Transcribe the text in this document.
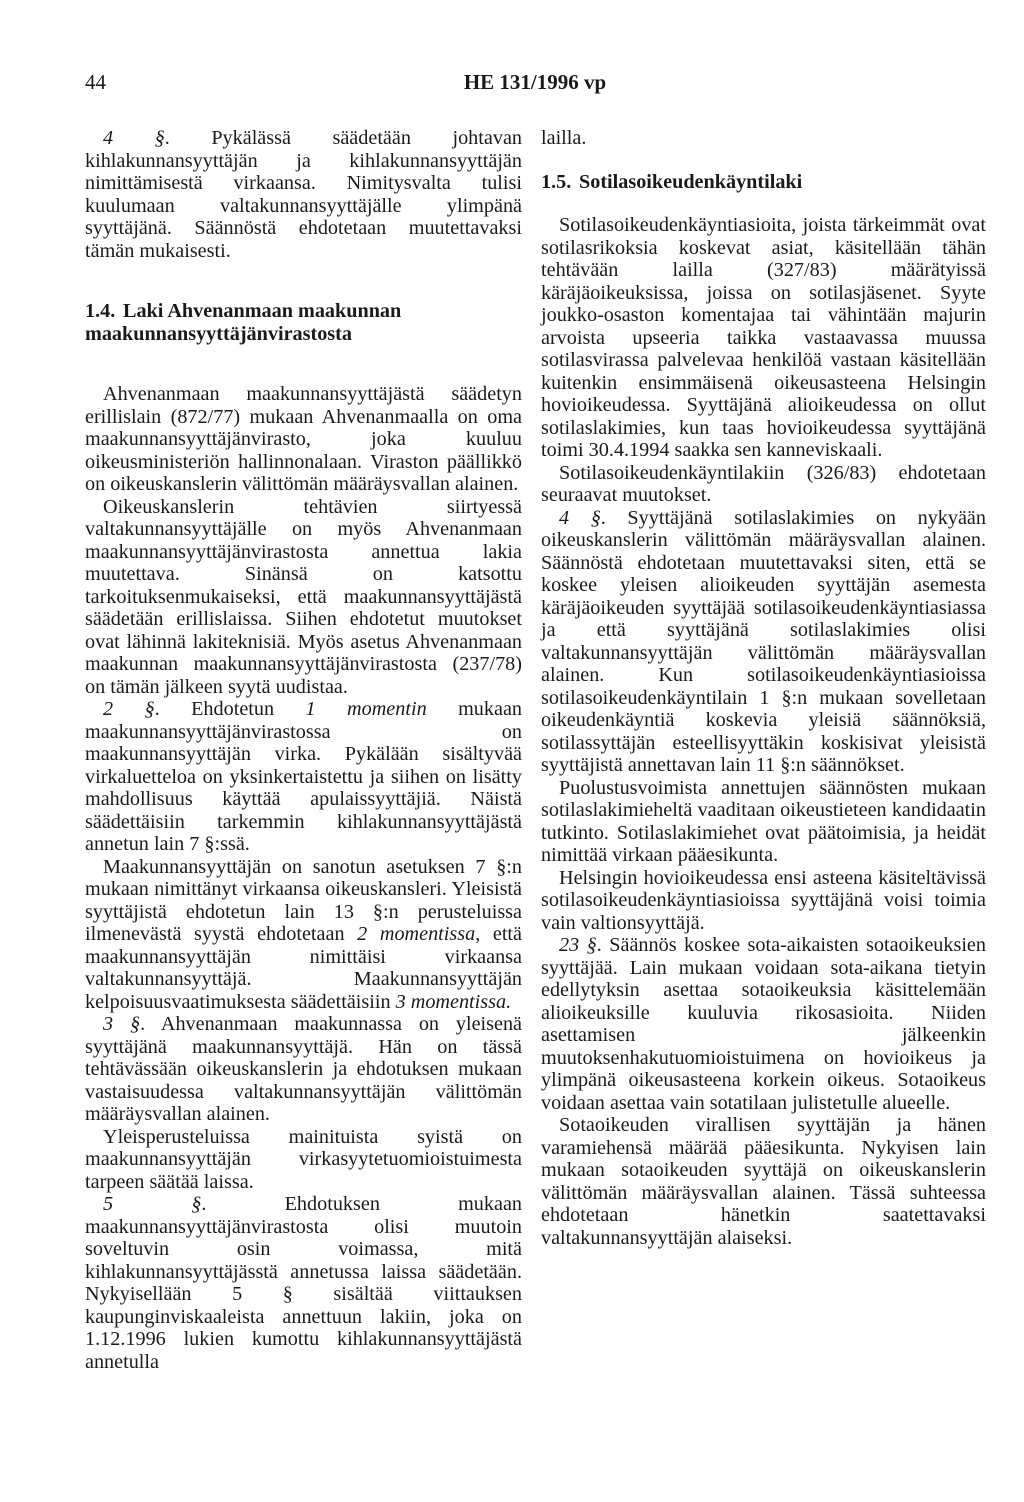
44	HE 131/1996 vp

4 §. Pykälässä säädetään johtavan kihlakunnansyyttäjän ja kihlakunnansyyttäjän nimittämisestä virkaansa. Nimitysvalta tulisi kuulumaan valtakunnansyyttäjälle ylimpänä syyttäjänä. Säännöstä ehdotetaan muutettavaksi tämän mukaisesti.

1.4. Laki Ahvenanmaan maakunnan maakunnansyyttäjänvirastosta

Ahvenanmaan maakunnansyyttäjästä säädetyn erillislain (872/77) mukaan Ahvenanmaalla on oma maakunnansyyttäjänvirasto, joka kuuluu oikeusministeriön hallinnonalaan. Viraston päällikkö on oikeuskanslerin välittömän määräysvallan alainen.

Oikeuskanslerin tehtävien siirtyessä valtakunnansyyttäjälle on myös Ahvenanmaan maakunnansyyttäjänvirastosta annettua lakia muutettava. Sinänsä on katsottu tarkoituksenmukaiseksi, että maakunnansyyttäjästä säädetään erillislaissa. Siihen ehdotetut muutokset ovat lähinnä lakiteknisiä. Myös asetus Ahvenanmaan maakunnan maakunnansyyttäjänvirastosta (237/78) on tämän jälkeen syytä uudistaa.

2 §. Ehdotetun 1 momentin mukaan maakunnansyyttäjänvirastossa on maakunnansyyttäjän virka. Pykälään sisältyvää virkaluetteloa on yksinkertaistettu ja siihen on lisätty mahdollisuus käyttää apulaissyyttäjiä. Näistä säädettäisiin tarkemmin kihlakunnansyyttäjästä annetun lain 7 §:ssä.

Maakunnansyyttäjän on sanotun asetuksen 7 §:n mukaan nimittänyt virkaansa oikeuskansleri. Yleisistä syyttäjistä ehdotetun lain 13 §:n perusteluissa ilmenevästä syystä ehdotetaan 2 momentissa, että maakunnansyyttäjän nimittäisi virkaansa valtakunnansyyttäjä. Maakunnansyyttäjän kelpoisuusvaatimuksesta säädettäisiin 3 momentissa.

3 §. Ahvenanmaan maakunnassa on yleisenä syyttäjänä maakunnansyyttäjä. Hän on tässä tehtävässään oikeuskanslerin ja ehdotuksen mukaan vastaisuudessa valtakunnansyyttäjän välittömän määräysvallan alainen.

Yleisperusteluissa mainituista syistä on maakunnansyyttäjän virkasyytetuomioistuimesta tarpeen säätää laissa.

5 §. Ehdotuksen mukaan maakunnansyyttäjänvirastosta olisi muutoin soveltuvin osin voimassa, mitä kihlakunnansyyttäjässtä annetussa laissa säädetään. Nykyisellään 5 § sisältää viittauksen kaupunginviskaaleista annettuun lakiin, joka on 1.12.1996 lukien kumottu kihlakunnansyyttäjästä annetulla

lailla.

1.5. Sotilasoikeudenkäyntilaki

Sotilasoikeudenkäyntiasioita, joista tärkeimmät ovat sotilasrikoksia koskevat asiat, käsitellään tähän tehtävään lailla (327/83) määrätyissä käräjäoikeuksissa, joissa on sotilasjäsenet. Syyte joukko-osaston komentajaa tai vähintään majurin arvoista upseeria taikka vastaavassa muussa sotilasvirassa palvelevaa henkilöä vastaan käsitellään kuitenkin ensimmäisenä oikeusasteena Helsingin hovioikeudessa. Syyttäjänä alioikeudessa on ollut sotilaslakimies, kun taas hovioikeudessa syyttäjänä toimi 30.4.1994 saakka sen kanneviskaali.

Sotilasoikeudenkäyntilakiin (326/83) ehdotetaan seuraavat muutokset.

4 §. Syyttäjänä sotilaslakimies on nykyään oikeuskanslerin välittömän määräysvallan alainen. Säännöstä ehdotetaan muutettavaksi siten, että se koskee yleisen alioikeuden syyttäjän asemesta käräjäoikeuden syyttäjää sotilasoikeudenkäyntiasiassa ja että syyttäjänä sotilaslakimies olisi valtakunnansyyttäjän välittömän määräysvallan alainen. Kun sotilasoikeudenkäyntiasioissa sotilasoikeudenkäyntilain 1 §:n mukaan sovelletaan oikeudenkäyntiä koskevia yleisiä säännöksiä, sotilassyttäjän esteellisyyttäkin koskisivat yleisistä syyttäjistä annettavan lain 11 §:n säännökset.

Puolustusvoimista annettujen säännösten mukaan sotilaslakimieheltä vaaditaan oikeustieteen kandidaatin tutkinto. Sotilaslakimiehet ovat päätoimisia, ja heidät nimittää virkaan pääesikunta.

Helsingin hovioikeudessa ensi asteena käsiteltävissä sotilasoikeudenkäyntiasioissa syyttäjänä voisi toimia vain valtionsyyttäjä.

23 §. Säännös koskee sota-aikaisten sotaoikeuksien syyttäjää. Lain mukaan voidaan sota-aikana tietyin edellytyksin asettaa sotaoikeuksia käsittelemään alioikeuksille kuuluvia rikosasioita. Niiden asettamisen jälkeenkin muutoksenhakutuomioistuimena on hovioikeus ja ylimpänä oikeusasteena korkein oikeus. Sotaoikeus voidaan asettaa vain sotatilaan julistetulle alueelle.

Sotaoikeuden virallisen syyttäjän ja hänen varamiehensä määrää pääesikunta. Nykyisen lain mukaan sotaoikeuden syyttäjä on oikeuskanslerin välittömän määräysvallan alainen. Tässä suhteessa ehdotetaan hänetkin saatettavaksi valtakunnansyyttäjän alaiseksi.
